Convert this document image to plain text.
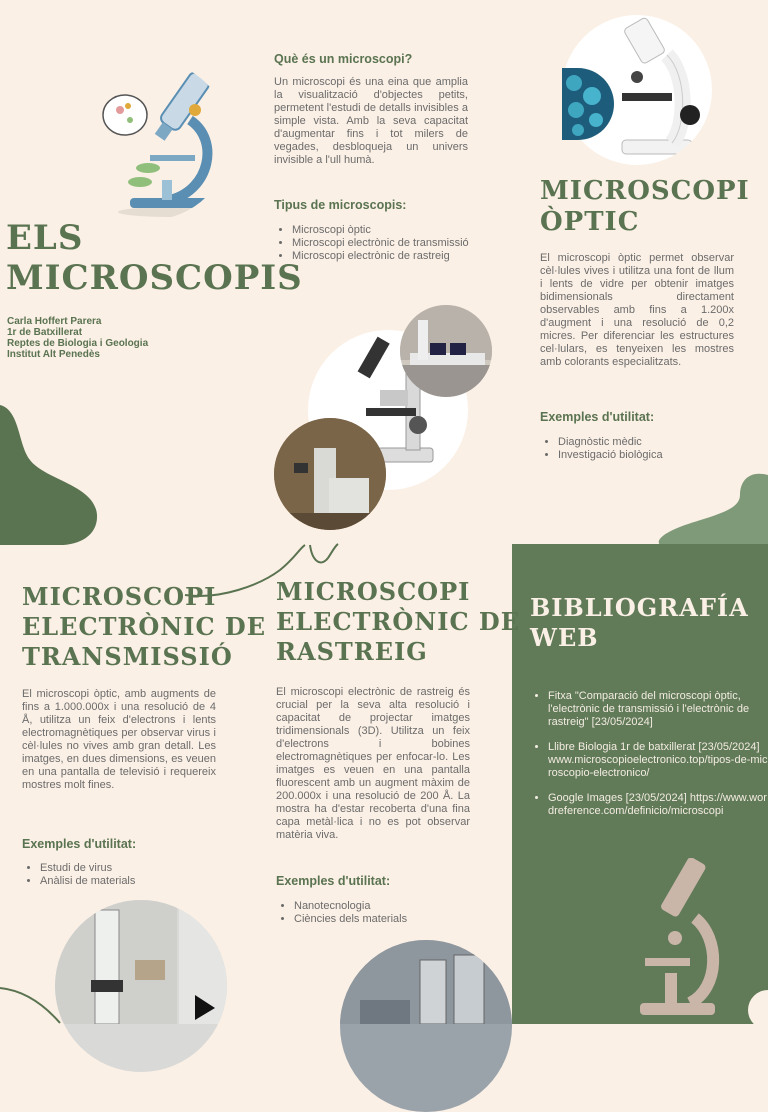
ELS
MICROSCOPIS
Carla Hoffert Parera
1r de Batxillerat
Reptes de Biologia i Geologia
Institut Alt Penedès
Què és un microscopi?
Un microscopi és una eina que amplia la visualització d'objectes petits, permetent l'estudi de detalls invisibles a simple vista. Amb la seva capacitat d'augmentar fins i tot milers de vegades, desbloqueja un univers invisible a l'ull humà.
Tipus de microscopis:
• Microscopi òptic
• Microscopi electrònic de transmissió
• Microscopi electrònic de rastreig
MICROSCOPI
ÒPTIC
El microscopi òptic permet observar cèl·lules vives i utilitza una font de llum i lents de vidre per obtenir imatges bidimensionals directament observables amb fins a 1.200x d'augment i una resolució de 0,2 micres. Per diferenciar les estructures cel·lulars, es tenyeixen les mostres amb colorants especialitzats.
Exemples d'utilitat:
• Diagnòstic mèdic
• Investigació biològica
MICROSCOPI
ELECTRÒNIC DE
TRANSMISSIÓ
El microscopi òptic, amb augments de fins a 1.000.000x i una resolució de 4 Å, utilitza un feix d'electrons i lents electromagnètiques per observar virus i cèl·lules no vives amb gran detall. Les imatges, en dues dimensions, es veuen en una pantalla de televisió i requereix mostres molt fines.
Exemples d'utilitat:
• Estudi de virus
• Anàlisi de materials
MICROSCOPI
ELECTRÒNIC DE
RASTREIG
El microscopi electrònic de rastreig és crucial per la seva alta resolució i capacitat de projectar imatges tridimensionals (3D). Utilitza un feix d'electrons i bobines electromagnètiques per enfocar-lo. Les imatges es veuen en una pantalla fluorescent amb un augment màxim de 200.000x i una resolució de 200 Å. La mostra ha d'estar recoberta d'una fina capa metàl·lica i no es pot observar matèria viva.
Exemples d'utilitat:
• Nanotecnologia
• Ciències dels materials
BIBLIOGRAFÍA
WEB
• Fitxa "Comparació del microscopi òptic, l'electrònic de transmissió i l'electrònic de rastreig" [23/05/2024]
• Llibre Biologia 1r de batxillerat [23/05/2024] www.microscopioelectronico.top/tipos-de-microscopio-electronico/
• Google Images [23/05/2024] https://www.wordreference.com/definicio/microscopi
